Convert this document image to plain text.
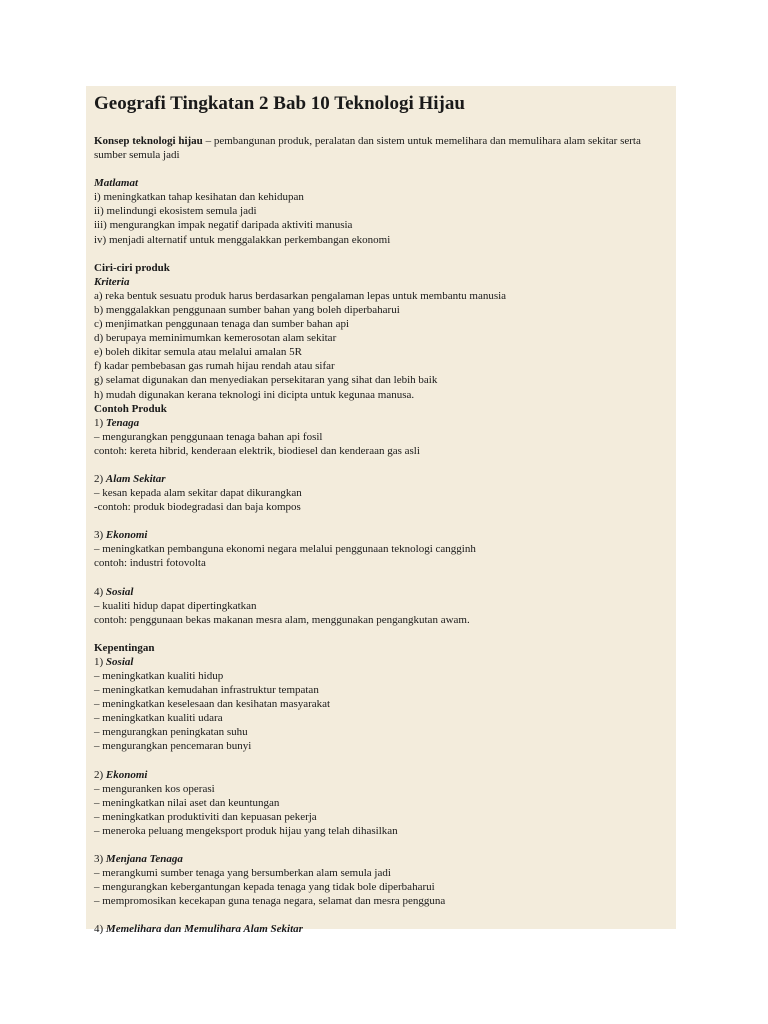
Geografi Tingkatan 2 Bab 10 Teknologi Hijau
Konsep teknologi hijau – pembangunan produk, peralatan dan sistem untuk memelihara dan memulihara alam sekitar serta sumber semula jadi
Matlamat
i) meningkatkan tahap kesihatan dan kehidupan
ii) melindungi ekosistem semula jadi
iii) mengurangkan impak negatif daripada aktiviti manusia
iv) menjadi alternatif untuk menggalakkan perkembangan ekonomi
Ciri-ciri produk
Kriteria
a) reka bentuk sesuatu produk harus berdasarkan pengalaman lepas untuk membantu manusia
b) menggalakkan penggunaan sumber bahan yang boleh diperbaharui
c) menjimatkan penggunaan tenaga dan sumber bahan api
d) berupaya meminimumkan kemerosotan alam sekitar
e) boleh dikitar semula atau melalui amalan 5R
f) kadar pembebasan gas rumah hijau rendah atau sifar
g) selamat digunakan dan menyediakan persekitaran yang sihat dan lebih baik
h) mudah digunakan kerana teknologi ini dicipta untuk kegunaa manusa.
Contoh Produk
1) Tenaga
– mengurangkan penggunaan tenaga bahan api fosil
contoh: kereta hibrid, kenderaan elektrik, biodiesel dan kenderaan gas asli
2) Alam Sekitar
– kesan kepada alam sekitar dapat dikurangkan
-contoh: produk biodegradasi dan baja kompos
3) Ekonomi
– meningkatkan pembanguna ekonomi negara melalui penggunaan teknologi cangginh
contoh: industri fotovolta
4) Sosial
– kualiti hidup dapat dipertingkatkan
contoh: penggunaan bekas makanan mesra alam, menggunakan pengangkutan awam.
Kepentingan
1) Sosial
– meningkatkan kualiti hidup
– meningkatkan kemudahan infrastruktur tempatan
– meningkatkan keselesaan dan kesihatan masyarakat
– meningkatkan kualiti udara
– mengurangkan peningkatan suhu
– mengurangkan pencemaran bunyi
2) Ekonomi
– menguranken kos operasi
– meningkatkan nilai aset dan keuntungan
– meningkatkan produktiviti dan kepuasan pekerja
– meneroka peluang mengeksport produk hijau yang telah dihasilkan
3) Menjana Tenaga
– merangkumi sumber tenaga yang bersumberkan alam semula jadi
– mengurangkan kebergantungan kepada tenaga yang tidak bole diperbaharui
– mempromosikan kecekapan guna tenaga negara, selamat dan mesra pengguna
4) Memelihara dan Memulihara Alam Sekitar
